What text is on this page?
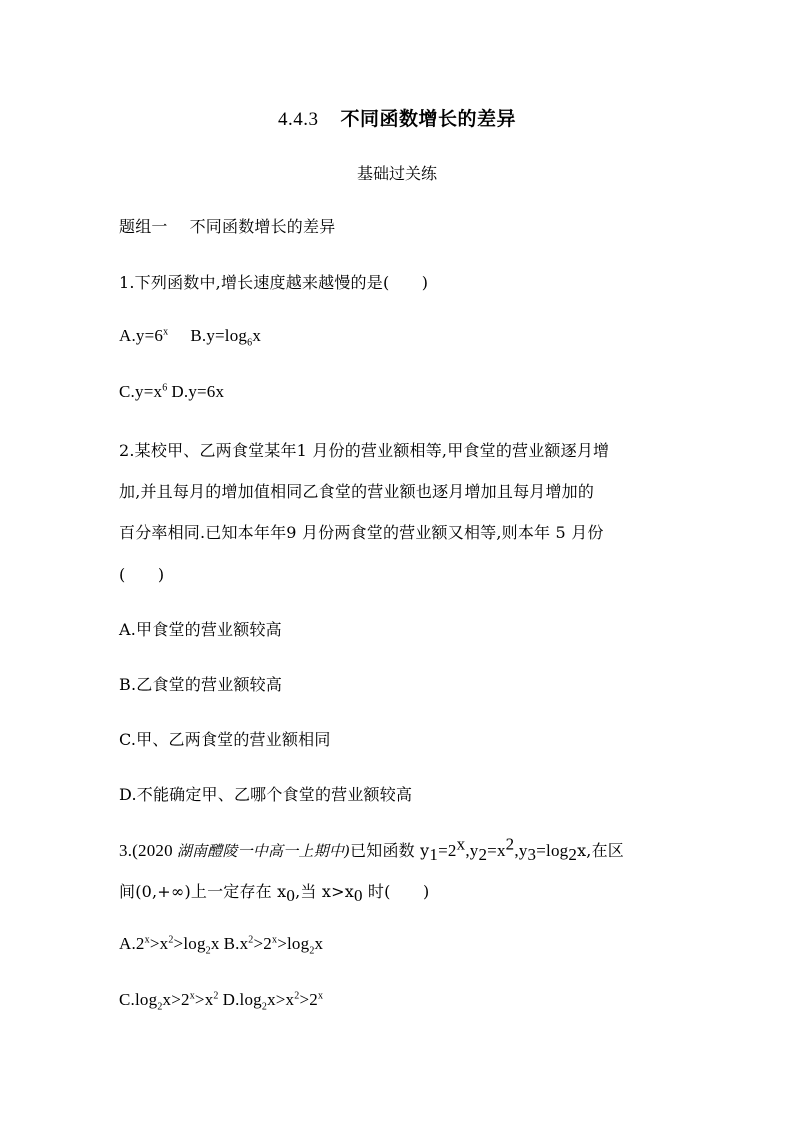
4.4.3 不同函数增长的差异
基础过关练
题组一 不同函数增长的差异
1.下列函数中,增长速度越来越慢的是(　　)
$A.y=6^x$ $B.y=\log_6x$
$C.y=x^6$ D.y=6x
2.某校甲、乙两食堂某年1 月份的营业额相等,甲食堂的营业额逐月增
加,并且每月的增加值相同乙食堂的营业额也逐月增加且每月增加的
百分率相同.已知本年年9 月份两食堂的营业额又相等,则本年 5 月份
(　　)
A.甲食堂的营业额较高
B.乙食堂的营业额较高
C.甲、乙两食堂的营业额相同
D.不能确定甲、乙哪个食堂的营业额较高
3.(2020 湖南醴陵一中高一上期中)已知函数 $y_1=2^x,y_2=x^2,y_3=\log_2x$,在区
间(0,+∞)上一定存在 $x_0$,当 $x>x_0$ 时(　　)
$A.2^x>x^2>\log_2x$ $B.x^2>2^x>\log_2x$
$C.\log_2x>2^x>x^2$ $D.\log_2x>x^2>2^x$
